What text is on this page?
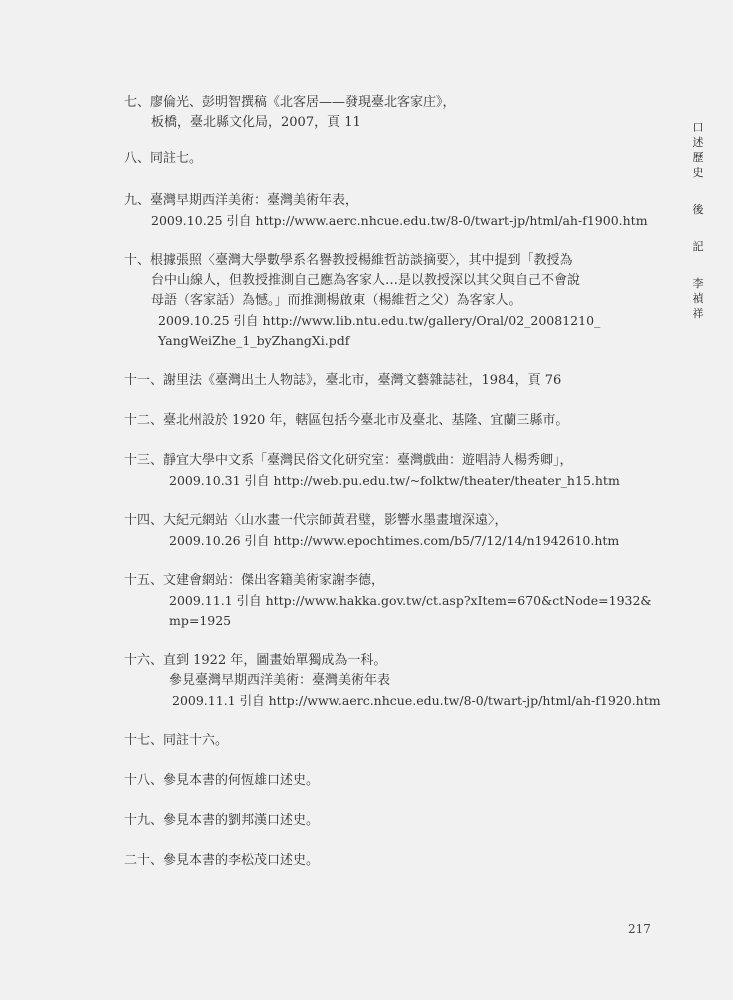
七、廖倫光、彭明智撰稿《北客居——發現臺北客家庄》，
板橋，臺北縣文化局，2007，頁 11
八、同註七。
九、臺灣早期西洋美術：臺灣美術年表，
2009.10.25 引自 http://www.aerc.nhcue.edu.tw/8-0/twart-jp/html/ah-f1900.htm
十、根據張照〈臺灣大學數學系名譽教授楊維哲訪談摘要〉，其中提到「教授為
台中山線人，但教授推測自己應為客家人…是以教授深以其父與自己不會說
母語（客家話）為憾。」而推測楊啟東（楊維哲之父）為客家人。
2009.10.25 引自 http://www.lib.ntu.edu.tw/gallery/Oral/02_20081210_
YangWeiZhe_1_byZhangXi.pdf
十一、謝里法《臺灣出土人物誌》，臺北市，臺灣文藝雜誌社，1984，頁 76
十二、臺北州設於 1920 年，轄區包括今臺北市及臺北、基隆、宜蘭三縣市。
十三、靜宜大學中文系「臺灣民俗文化研究室：臺灣戲曲：遊唱詩人楊秀卿」，
2009.10.31 引自 http://web.pu.edu.tw/~folktw/theater/theater_h15.htm
十四、大紀元網站〈山水畫一代宗師黃君璧，影響水墨畫壇深遠〉，
2009.10.26 引自 http://www.epochtimes.com/b5/7/12/14/n1942610.htm
十五、文建會網站：傑出客籍美術家謝李德，
2009.11.1 引自 http://www.hakka.gov.tw/ct.asp?xItem=670&ctNode=1932&
mp=1925
十六、直到 1922 年，圖畫始單獨成為一科。
參見臺灣早期西洋美術：臺灣美術年表
2009.11.1 引自 http://www.aerc.nhcue.edu.tw/8-0/twart-jp/html/ah-f1920.htm
十七、同註十六。
十八、參見本書的何恆雄口述史。
十九、參見本書的劉邦漢口述史。
二十、參見本書的李松茂口述史。
口
述
歷
史
後
記
李
禎
祥
217
